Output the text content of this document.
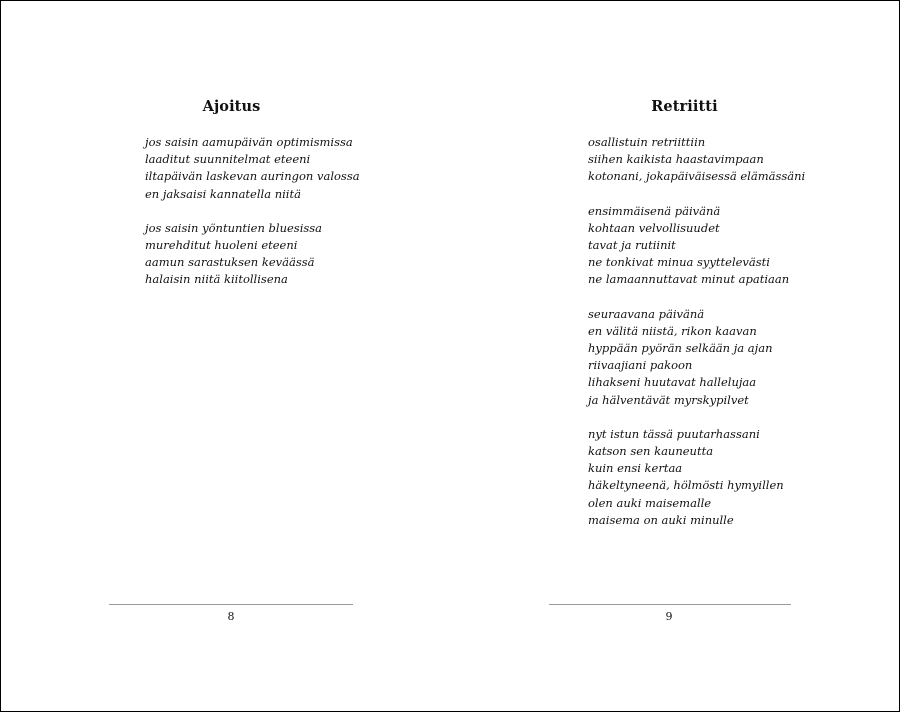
Ajoitus
jos saisin aamupäivän optimismissa
laaditut suunnitelmat eteeni
iltapäivän laskevan auringon valossa
en jaksaisi kannatella niitä
jos saisin yöntuntien bluesissa
murehditut huoleni eteeni
aamun sarastuksen keväässä
halaisin niitä kiitollisena
8
Retriitti
osallistuin retriittiin
siihen kaikista haastavimpaan
kotonani, jokapäiväisessä elämässäni
ensimmäisenä päivänä
kohtaan velvollisuudet
tavat ja rutiinit
ne tonkivat minua syyttelevästi
ne lamaannuttavat minut apatiaan
seuraavana päivänä
en välitä niistä, rikon kaavan
hyppään pyörän selkään ja ajan
riivaajiani pakoon
lihakseni huutavat hallelujaa
ja hälventävät myrskypilvet
nyt istun tässä puutarhassani
katson sen kauneutta
kuin ensi kertaa
häkeltyneenä, hölmösti hymyillen
olen auki maisemalle
maisema on auki minulle
9
